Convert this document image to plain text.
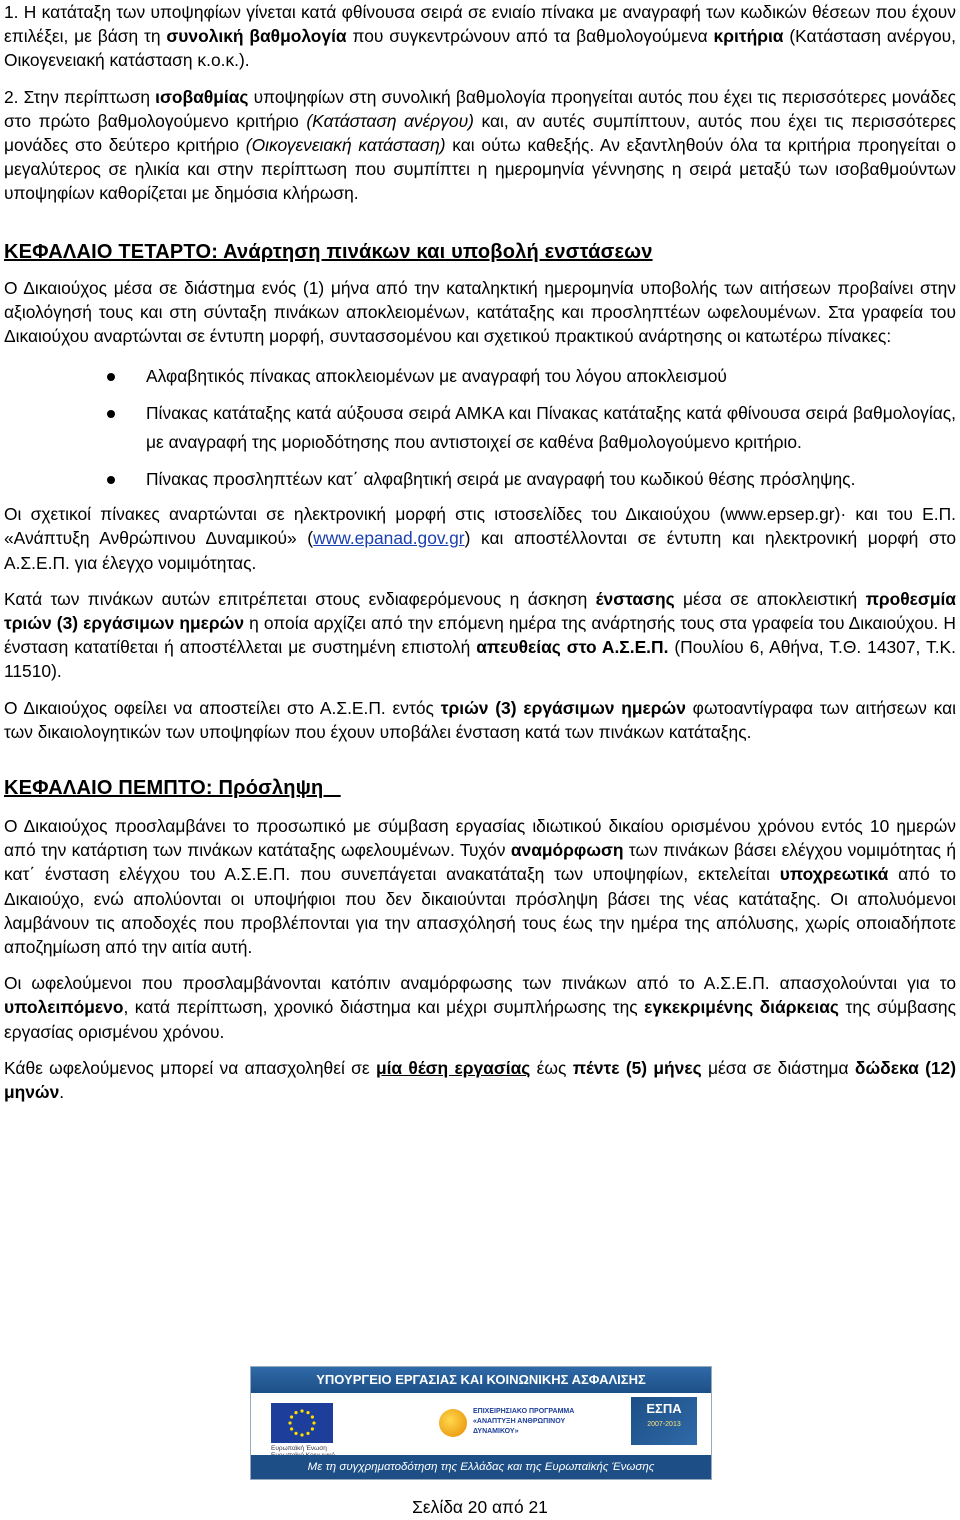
1. Η κατάταξη των υποψηφίων γίνεται κατά φθίνουσα σειρά σε ενιαίο πίνακα με αναγραφή των κωδικών θέσεων που έχουν επιλέξει, με βάση τη συνολική βαθμολογία που συγκεντρώνουν από τα βαθμολογούμενα κριτήρια (Κατάσταση ανέργου, Οικογενειακή κατάσταση κ.ο.κ.).

2. Στην περίπτωση ισοβαθμίας υποψηφίων στη συνολική βαθμολογία προηγείται αυτός που έχει τις περισσότερες μονάδες στο πρώτο βαθμολογούμενο κριτήριο (Κατάσταση ανέργου) και, αν αυτές συμπίπτουν, αυτός που έχει τις περισσότερες μονάδες στο δεύτερο κριτήριο (Οικογενειακή κατάσταση) και ούτω καθεξής. Αν εξαντληθούν όλα τα κριτήρια προηγείται ο μεγαλύτερος σε ηλικία και στην περίπτωση που συμπίπτει η ημερομηνία γέννησης η σειρά μεταξύ των ισοβαθμούντων υποψηφίων καθορίζεται με δημόσια κλήρωση.

ΚΕΦΑΛΑΙΟ ΤΕΤΑΡΤΟ: Ανάρτηση πινάκων και υποβολή ενστάσεων

Ο Δικαιούχος μέσα σε διάστημα ενός (1) μήνα από την καταληκτική ημερομηνία υποβολής των αιτήσεων προβαίνει στην αξιολόγησή τους και στη σύνταξη πινάκων αποκλειομένων, κατάταξης και προσληπτέων ωφελουμένων. Στα γραφεία του Δικαιούχου αναρτώνται σε έντυπη μορφή, συντασσομένου και σχετικού πρακτικού ανάρτησης οι κατωτέρω πίνακες:

Αλφαβητικός πίνακας αποκλειομένων με αναγραφή του λόγου αποκλεισμού
Πίνακας κατάταξης κατά αύξουσα σειρά ΑΜΚΑ και Πίνακας κατάταξης κατά φθίνουσα σειρά βαθμολογίας, με αναγραφή της μοριοδότησης που αντιστοιχεί σε καθένα βαθμολογούμενο κριτήριο.
Πίνακας προσληπτέων κατ΄ αλφαβητική σειρά με αναγραφή του κωδικού θέσης πρόσληψης.

Οι σχετικοί πίνακες αναρτώνται σε ηλεκτρονική μορφή στις ιστοσελίδες του Δικαιούχου (www.epsep.gr)· και του Ε.Π. «Ανάπτυξη Ανθρώπινου Δυναμικού» (www.epanad.gov.gr) και αποστέλλονται σε έντυπη και ηλεκτρονική μορφή στο Α.Σ.Ε.Π. για έλεγχο νομιμότητας.

Κατά των πινάκων αυτών επιτρέπεται στους ενδιαφερόμενους η άσκηση ένστασης μέσα σε αποκλειστική προθεσμία τριών (3) εργάσιμων ημερών η οποία αρχίζει από την επόμενη ημέρα της ανάρτησής τους στα γραφεία του Δικαιούχου. Η ένσταση κατατίθεται ή αποστέλλεται με συστημένη επιστολή απευθείας στο Α.Σ.Ε.Π. (Πουλίου 6, Αθήνα, Τ.Θ. 14307, Τ.Κ. 11510).

Ο Δικαιούχος οφείλει να αποστείλει στο Α.Σ.Ε.Π. εντός τριών (3) εργάσιμων ημερών φωτοαντίγραφα των αιτήσεων και των δικαιολογητικών των υποψηφίων που έχουν υποβάλει ένσταση κατά των πινάκων κατάταξης.

ΚΕΦΑΛΑΙΟ ΠΕΜΠΤΟ: Πρόσληψη

Ο Δικαιούχος προσλαμβάνει το προσωπικό με σύμβαση εργασίας ιδιωτικού δικαίου ορισμένου χρόνου εντός 10 ημερών από την κατάρτιση των πινάκων κατάταξης ωφελουμένων. Τυχόν αναμόρφωση των πινάκων βάσει ελέγχου νομιμότητας ή κατ΄ ένσταση ελέγχου του Α.Σ.Ε.Π. που συνεπάγεται ανακατάταξη των υποψηφίων, εκτελείται υποχρεωτικά από το Δικαιούχο, ενώ απολύονται οι υποψήφιοι που δεν δικαιούνται πρόσληψη βάσει της νέας κατάταξης. Οι απολυόμενοι λαμβάνουν τις αποδοχές που προβλέπονται για την απασχόλησή τους έως την ημέρα της απόλυσης, χωρίς οποιαδήποτε αποζημίωση από την αιτία αυτή.

Οι ωφελούμενοι που προσλαμβάνονται κατόπιν αναμόρφωσης των πινάκων από το Α.Σ.Ε.Π. απασχολούνται για το υπολειπόμενο, κατά περίπτωση, χρονικό διάστημα και μέχρι συμπλήρωσης της εγκεκριμένης διάρκειας της σύμβασης εργασίας ορισμένου χρόνου.

Κάθε ωφελούμενος μπορεί να απασχοληθεί σε μία θέση εργασίας έως πέντε (5) μήνες μέσα σε διάστημα δώδεκα (12) μηνών.

ΥΠΟΥΡΓΕΙΟ ΕΡΓΑΣΙΑΣ ΚΑΙ ΚΟΙΝΩΝΙΚΗΣ ΑΣΦΑΛΙΣΗΣ
Ευρωπαϊκή Ένωση
ΕΠΙΧΕΙΡΗΣΙΑΚΟ ΠΡΟΓΡΑΜΜΑ «ΑΝΑΠΤΥΞΗ ΑΝΘΡΩΠΙΝΟΥ ΔΥΝΑΜΙΚΟΥ»
ΕΣΠΑ
2007-2013
Με τη συγχρηματοδότηση της Ελλάδας και της Ευρωπαϊκής Ένωσης
Σελίδα 20 από 21
